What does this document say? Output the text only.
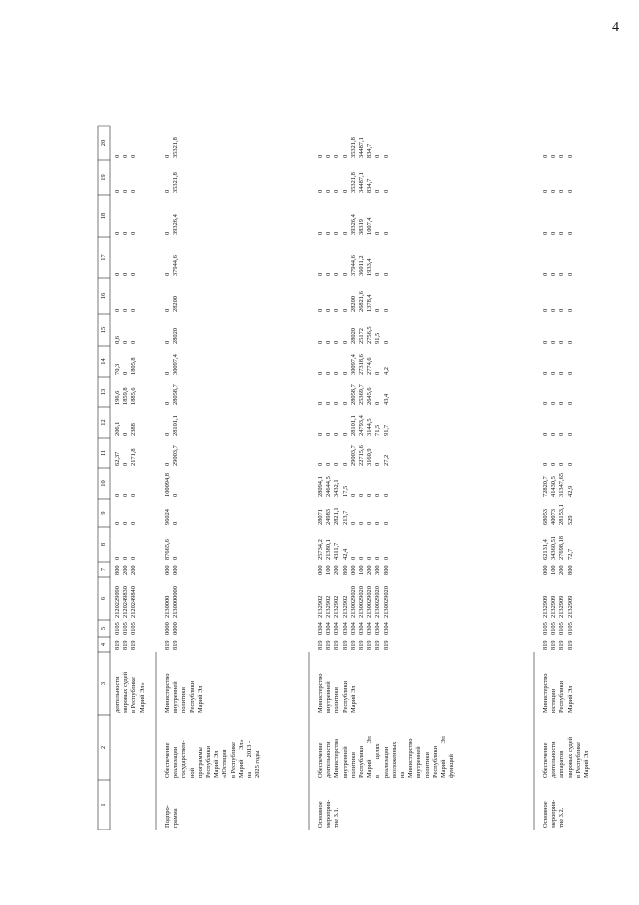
4
1
2
3
4
5
6
7
8
9
10
11
12
13
14
15
16
17
18
19
20
деятельности
мировых судей
в Республике
Марий Эл»
819
819
819
0105
0105
0105
2120229090
2120249830
2120249840
800
200
200
0
0
0
0
0
0
0
0
0
62,37
0
2171,8
206,1
0
2388
196,6
1859,8
1885,6
70,3
0
1805,8
0,6
0
0
0
0
0
0
0
0
0
0
0
0
0
0
0
0
0
Подпро-
грамма
Обеспечение
реализации
государствен-
ной
программы
Республики
Марий Эл
«Юстиция
в Республике
Марий      Эл»
на         2013 -
2025 годы
Министерство
внутренней
политики
Республики
Марий Эл
819
819
0000
0000
2130000
2130000000
000
000
87665,6
0
96024
0
100094,8
0
0
29003,7
0
28101,1
0
28058,7
0
30097,4
0
28020
0
28200
0
37944,6
0
39326,4
0
35321,8
0
35321,8
Основное
мероприя-
тие 3.1.
Обеспечение
деятельности
Министерства
внутренней
политики
Республики
Марий          Эл
в          целях
реализации
возложенных
на
Министерство
внутренней
политики
Республики
Марий          Эл
функций
Министерство
внутренней
политики
Республики
Марий Эл
819
819
819
819
819
819
819
819
819
0304
0304
0304
0304
0304
0304
0304
0304
0304
2132902
2132902
2132902
2132902
2130029020
2130029020
2130029020
2130029020
2130029020
000
100
200
800
000
100
200
300
800
25734,2
21380,1
4311,7
42,4
0
0
0
0
0
28071
24983
2821,1
213,7
0
0
0
0
0
28094,1
24644,5
3432,1
17,5
0
0
0
0
0
0
0
0
0
29003,7
22715,6
3160,9
0
27,2
0
0
0
0
28101,1
24793,4
3144,5
71,5
91,7
0
0
0
0
28058,7
25369,7
2645,6
0
43,4
0
0
0
0
30097,4
27318,6
2774,6
0
4,2
0
0
0
0
28020
25172
2756,5
91,5
0
0
0
0
0
28200
26821,6
1378,4
0
0
0
0
0
0
37944,6
36011,2
1933,4
0
0
0
0
0
0
39326,4
38319
1007,4
0
0
0
0
0
0
35321,8
34487,1
834,7
0
0
0
0
0
0
35321,8
34487,1
834,7
0
0
Основное
мероприя-
тие 3.2.
Обеспечение
деятельности
аппаратов
мировых судей
в Республике
Марий Эл
Министерство
юстиции
Республики
Марий Эл
819
819
819
819
0105
0105
0105
0105
2132909
2132909
2132909
2132909
000
100
200
800
62131,4
34360,51
27698,18
72,7
68053
40073
28153,1
529
72820,7
41430,5
31347,65
42,9
0
0
0
0
0
0
0
0
0
0
0
0
0
0
0
0
0
0
0
0
0
0
0
0
0
0
0
0
0
0
0
0
0
0
0
0
0
0
0
0
